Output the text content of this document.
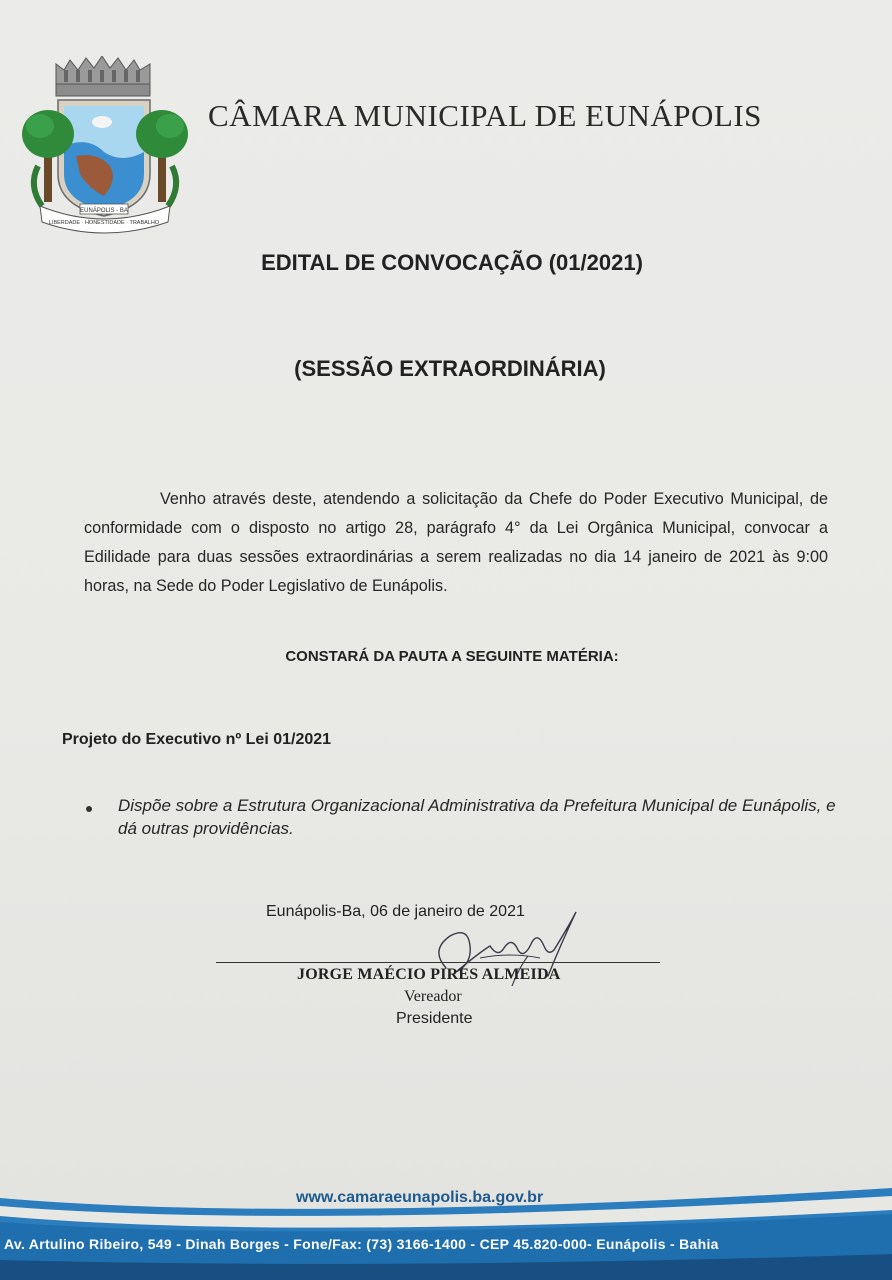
EUNÁPOLIS - BA
LIBERDADE · HONESTIDADE · TRABALHO
CÂMARA MUNICIPAL DE EUNÁPOLIS
EDITAL DE CONVOCAÇÃO (01/2021)
(SESSÃO EXTRAORDINÁRIA)
Venho através deste, atendendo a solicitação da Chefe do Poder Executivo Municipal, de conformidade com o disposto no artigo 28, parágrafo 4° da Lei Orgânica Municipal, convocar a Edilidade para duas sessões extraordinárias a serem realizadas no dia 14 janeiro de 2021 às 9:00 horas, na Sede do Poder Legislativo de Eunápolis.
CONSTARÁ DA PAUTA A SEGUINTE MATÉRIA:
Projeto do Executivo nº Lei 01/2021
Dispõe sobre a Estrutura Organizacional Administrativa da Prefeitura Municipal de Eunápolis, e dá outras providências.
Eunápolis-Ba, 06 de janeiro de 2021
JORGE MAÉCIO PIRES ALMEIDA
Vereador
Presidente
www.camaraeunapolis.ba.gov.br
Av. Artulino Ribeiro, 549 - Dinah Borges - Fone/Fax: (73) 3166-1400 - CEP 45.820-000- Eunápolis - Bahia
